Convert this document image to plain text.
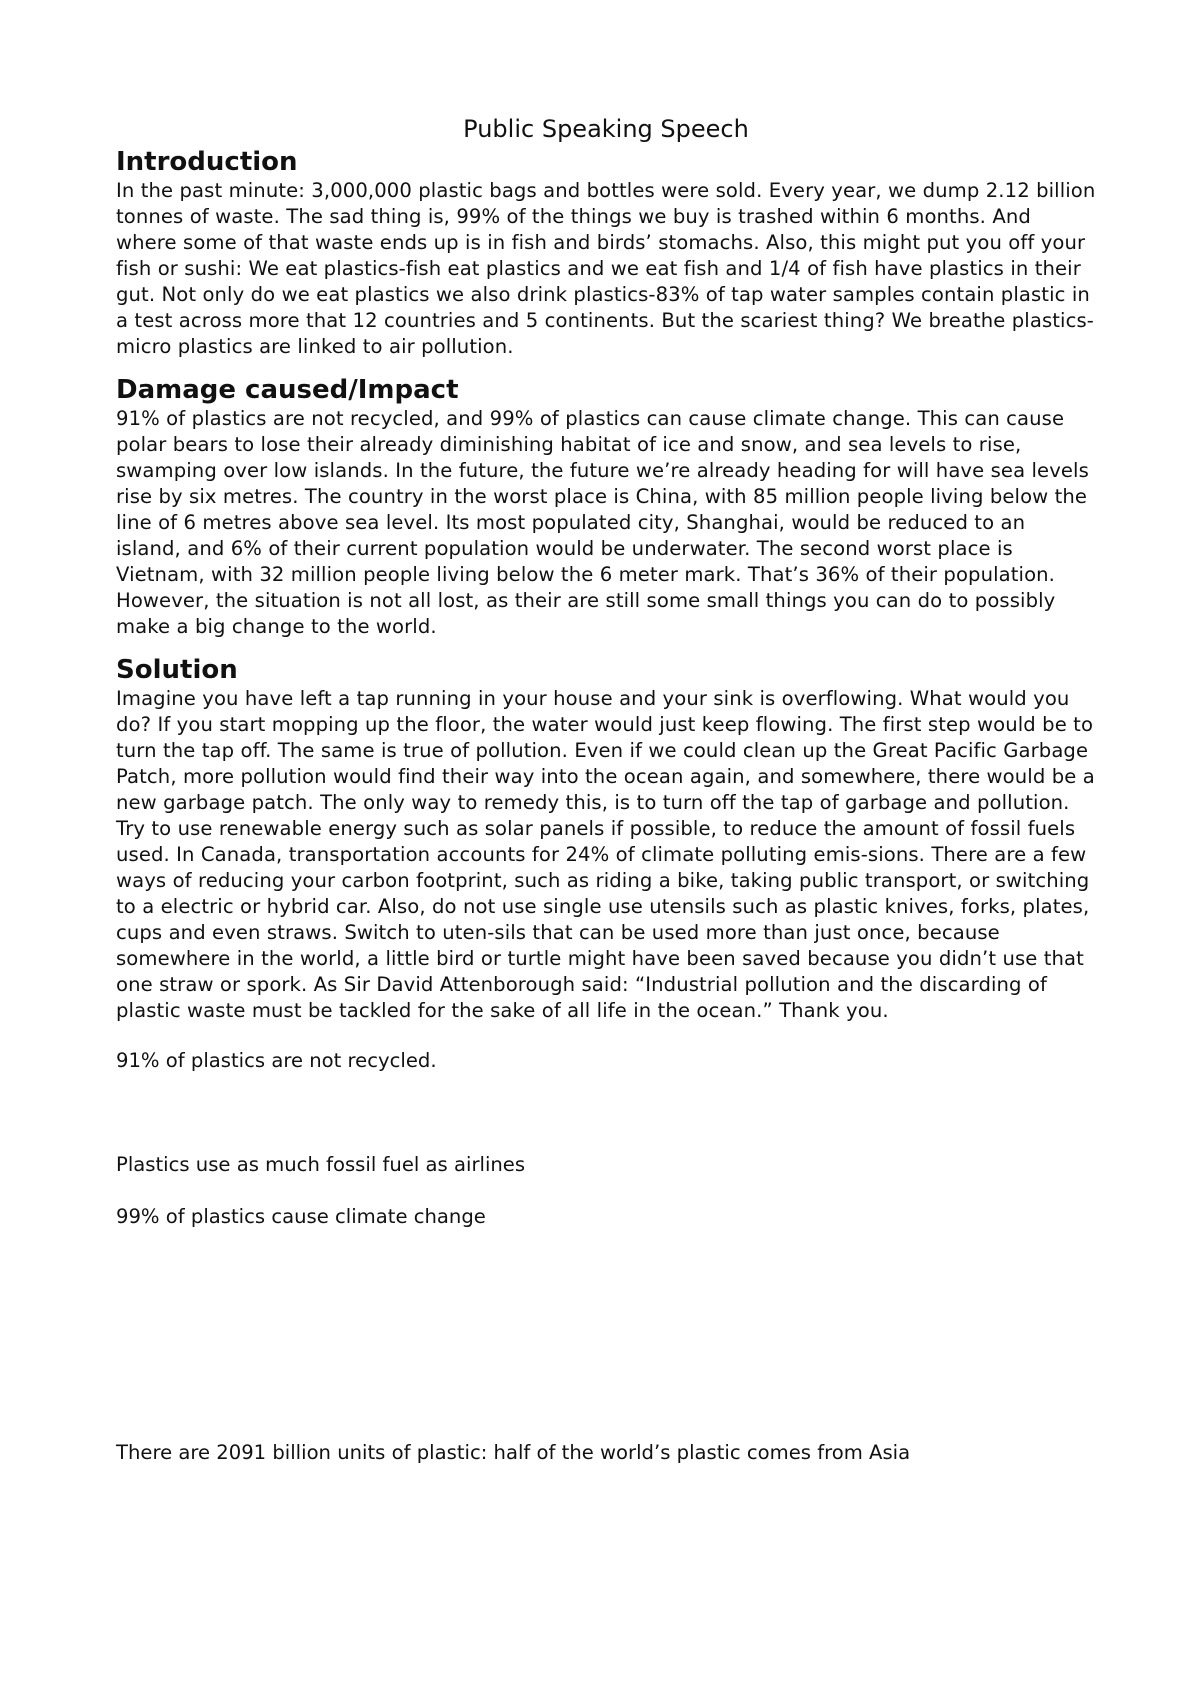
Public Speaking Speech
Introduction

In the past minute: 3,000,000 plastic bags and bottles were sold. Every year, we dump 2.12 billion tonnes of waste. The sad thing is, 99% of the things we buy is trashed within 6 months. And where some of that waste ends up is in fish and birds’ stomachs. Also, this might put you off your fish or sushi: We eat plastics-fish eat plastics and we eat fish and 1/4 of fish have plastics in their gut. Not only do we eat plastics we also drink plastics-83% of tap water samples contain plastic in a test across more that 12 countries and 5 continents. But the scariest thing? We breathe plastics- micro plastics are linked to air pollution.

Damage caused/Impact

91% of plastics are not recycled, and 99% of plastics can cause climate change. This can cause polar bears to lose their already diminishing habitat of ice and snow, and sea levels to rise, swamping over low islands. In the future, the future we’re already heading for will have sea levels rise by six metres. The country in the worst place is China, with 85 million people living below the line of 6 metres above sea level. Its most populated city, Shanghai, would be reduced to an island, and 6% of their current population would be underwater. The second worst place is Vietnam, with 32 million people living below the 6 meter mark. That’s 36% of their population.

However, the situation is not all lost, as their are still some small things you can do to possibly make a big change to the world.

Solution

Imagine you have left a tap running in your house and your sink is overflowing. What would you do? If you start mopping up the floor, the water would just keep flowing. The first step would be to turn the tap off. The same is true of pollution. Even if we could clean up the Great Pacific Garbage Patch, more pollution would find their way into the ocean again, and somewhere, there would be a new garbage patch. The only way to remedy this, is to turn off the tap of garbage and pollution.

Try to use renewable energy such as solar panels if possible, to reduce the amount of fossil fuels used. In Canada, transportation accounts for 24% of climate polluting emis-sions. There are a few ways of reducing your carbon footprint, such as riding a bike, taking public transport, or switching to a electric or hybrid car. Also, do not use single use utensils such as plastic knives, forks, plates, cups and even straws. Switch to uten-sils that can be used more than just once, because somewhere in the world, a little bird or turtle might have been saved because you didn’t use that one straw or spork. As Sir David Attenborough said: “Industrial pollution and the discarding of plastic waste must be tackled for the sake of all life in the ocean.” Thank you.

91% of plastics are not recycled.

Plastics use as much fossil fuel as airlines

99% of plastics cause climate change

There are 2091 billion units of plastic: half of the world’s plastic comes from Asia
